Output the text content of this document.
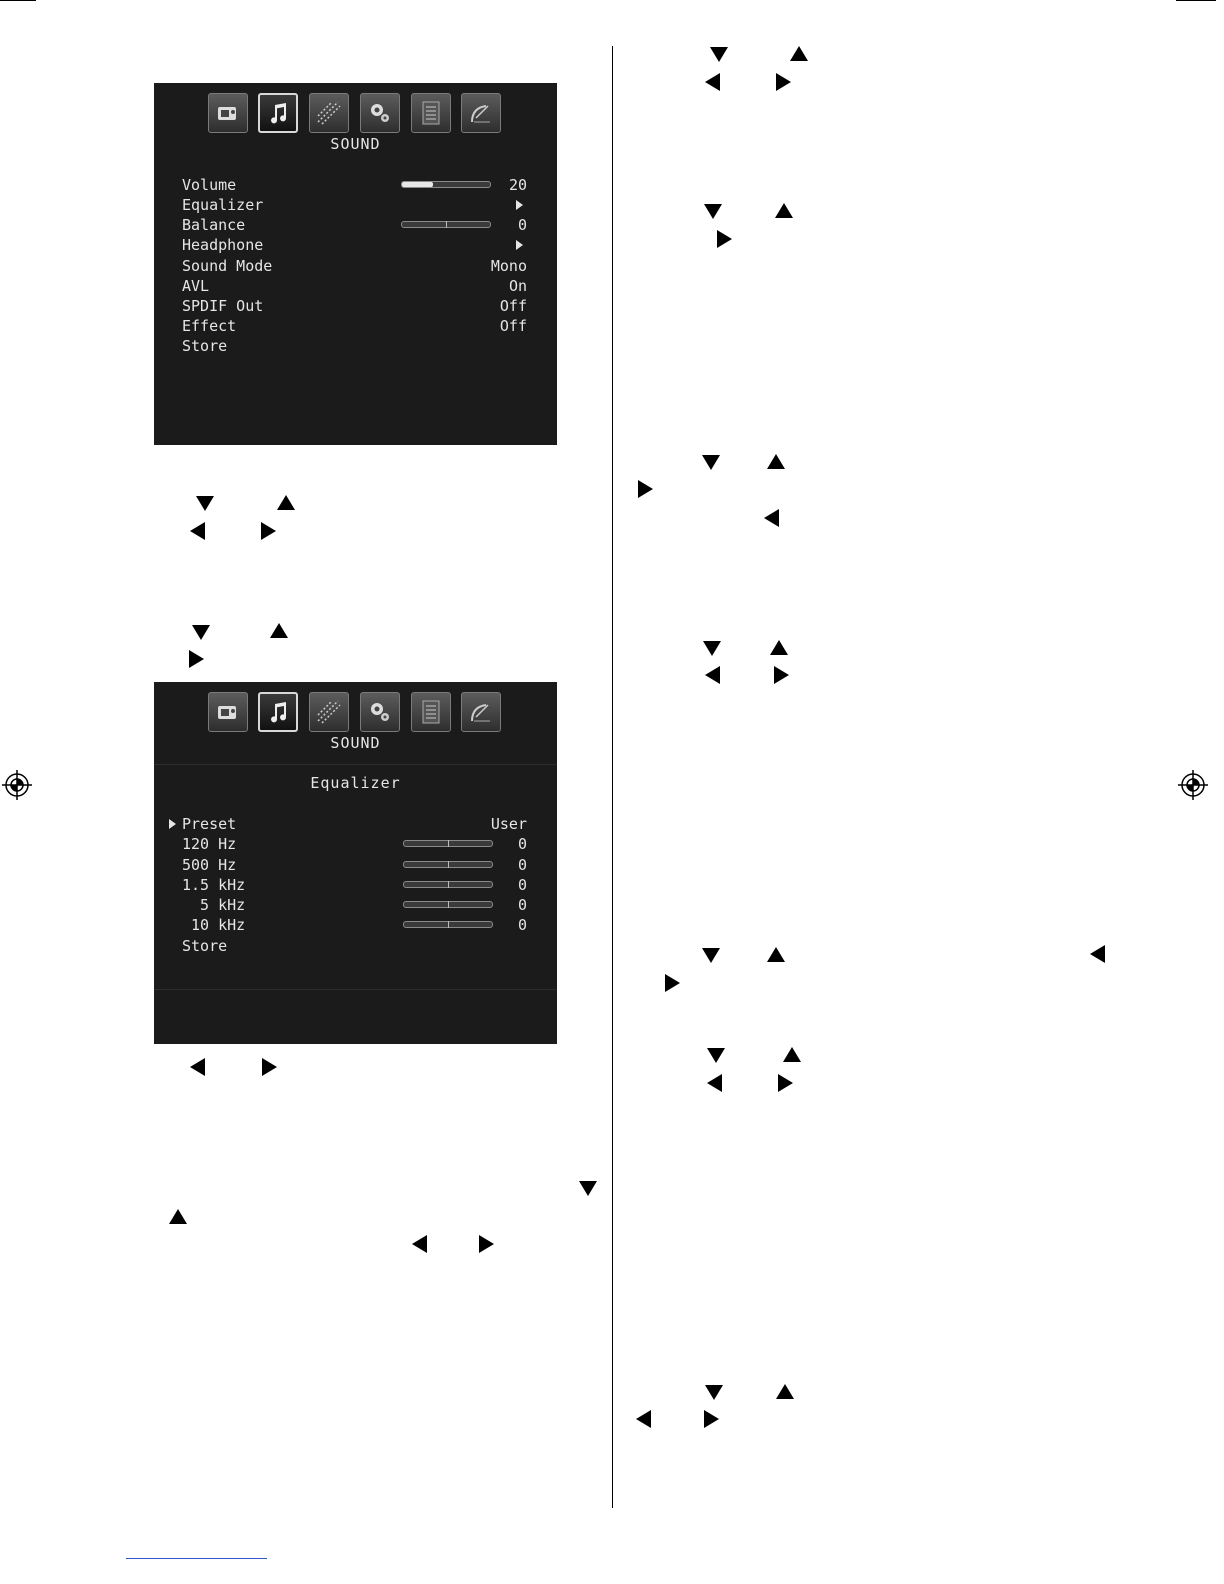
SOUND
Volume	20
Equalizer
Balance	0
Headphone
Sound Mode	Mono
AVL	On
SPDIF Out	Off
Effect	Off
Store
SOUND
Equalizer
Preset	User
120 Hz	0
500 Hz	0
1.5 kHz	0
5 kHz	0
10 kHz	0
Store
